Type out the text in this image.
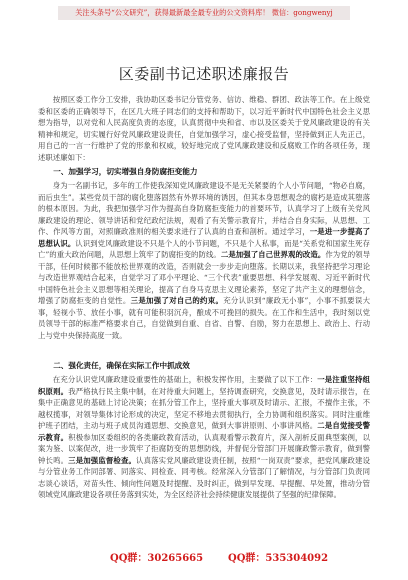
关注头条号“公文研究”，获得最新最全最专业的公文资料库！ 微信：gongwenyj
区委副书记述职述廉报告

按照区委工作分工安排，我协助区委书记分管党务、信访、维稳、群团、政法等工作。在上级党委和区委的正确领导下，在区几大班子同志们的支持和帮助下，以习近平新时代中国特色社会主义思想为指导，以对党和人民高度负责的态度，认真贯彻中央和省、市以及区委关于党风廉政建设的有关精神和规定，切实履行好党风廉政建设责任，自觉加强学习，虚心接受监督，坚持做到正人先正己，用自己的一言一行维护了党的形象和权威，较好地完成了党风廉政建设和反腐败工作的各项任务，现述职述廉如下：

一、加强学习，切实增强自身防腐拒变能力

身为一名副书记，多年的工作使我深知党风廉政建设不是无关紧要的个人小节问题，“物必自腐，而后虫生”。某些党员干部的腐化堕落固然有外界环境的诱因，但其本身思想观念的腐朽是造成其堕落的根本原因。为此，我把加强学习作为提高自身防腐拒变能力的首要环节，认真学习了上级有关党风廉政建设的理论、领导讲话和党纪政纪法规，观看了有关警示教育片，并结合自身实际，从思想、工作、作风等方面，对照廉政准则的相关要求进行了认真的自查和剖析。通过学习，一是进一步提高了思想认识。认识到党风廉政建设不只是个人的小节问题，不只是个人私事，而是“关系党和国家生死存亡”的重大政治问题，从思想上筑牢了防腐拒变的防线。二是加强了自己世界观的改造。作为党的领导干部，任何时候都不能放松世界观的改造，否则就会一步步走向堕落。长期以来，我坚持把学习理论与改造世界观结合起来，自觉学习了邓小平理论、“三个代表”重要思想、科学发展观、习近平新时代中国特色社会主义思想等相关理论，提高了自身马克思主义理论素养，坚定了共产主义的理想信念，增强了防腐拒变的自觉性。三是加强了对自己的约束。充分认识到“廉政无小事”，小事不抓要误大事，轻视小节、放任小事，就有可能积羽沉舟，酿成不可挽回的损失。在工作和生活中，我时刻以党员领导干部的标准严格要求自己，自觉做到自重、自省、自警、自励，努力在思想上、政治上、行动上与党中央保持高度一致。

二、强化责任，确保在实际工作中抓成效

在充分认识党风廉政建设重要性的基础上，积极发挥作用，主要做了以下工作：一是注重坚持组织原则。我严格执行民主集中制，在对待重大问题上，坚持调查研究，交换意见，及时请示报告，在集中正确意见的基础上讨论决策；在抓分管工作上，坚持重大事项及时请示、汇报，不擅作主张，不越权揽事，对领导集体讨论形成的决定，坚定不移地去贯彻执行，全力协调和组织落实。同时注重维护班子团结，主动与班子成员沟通思想、交换意见，做到大事讲原则、小事讲风格。二是自觉接受警示教育。积极参加区委组织的各类廉政教育活动，认真观看警示教育片，深入剖析反面典型案例，以案为鉴、以案促改，进一步筑牢了拒腐防变的思想防线，并督促分管部门开展廉政警示教育，做到警钟长鸣。三是加强监督检查。认真落实党风廉政建设责任制，按照“一岗双责”要求，把党风廉政建设与分管业务工作同部署、同落实、同检查、同考核。经常深入分管部门了解情况，与分管部门负责同志谈心谈话，对苗头性、倾向性问题及时提醒、及时纠正，做到早发现、早提醒、早处置，推动分管领域党风廉政建设各项任务落到实处，为全区经济社会持续健康发展提供了坚强的纪律保障。

QQ群：30265665 QQ群：535304092
